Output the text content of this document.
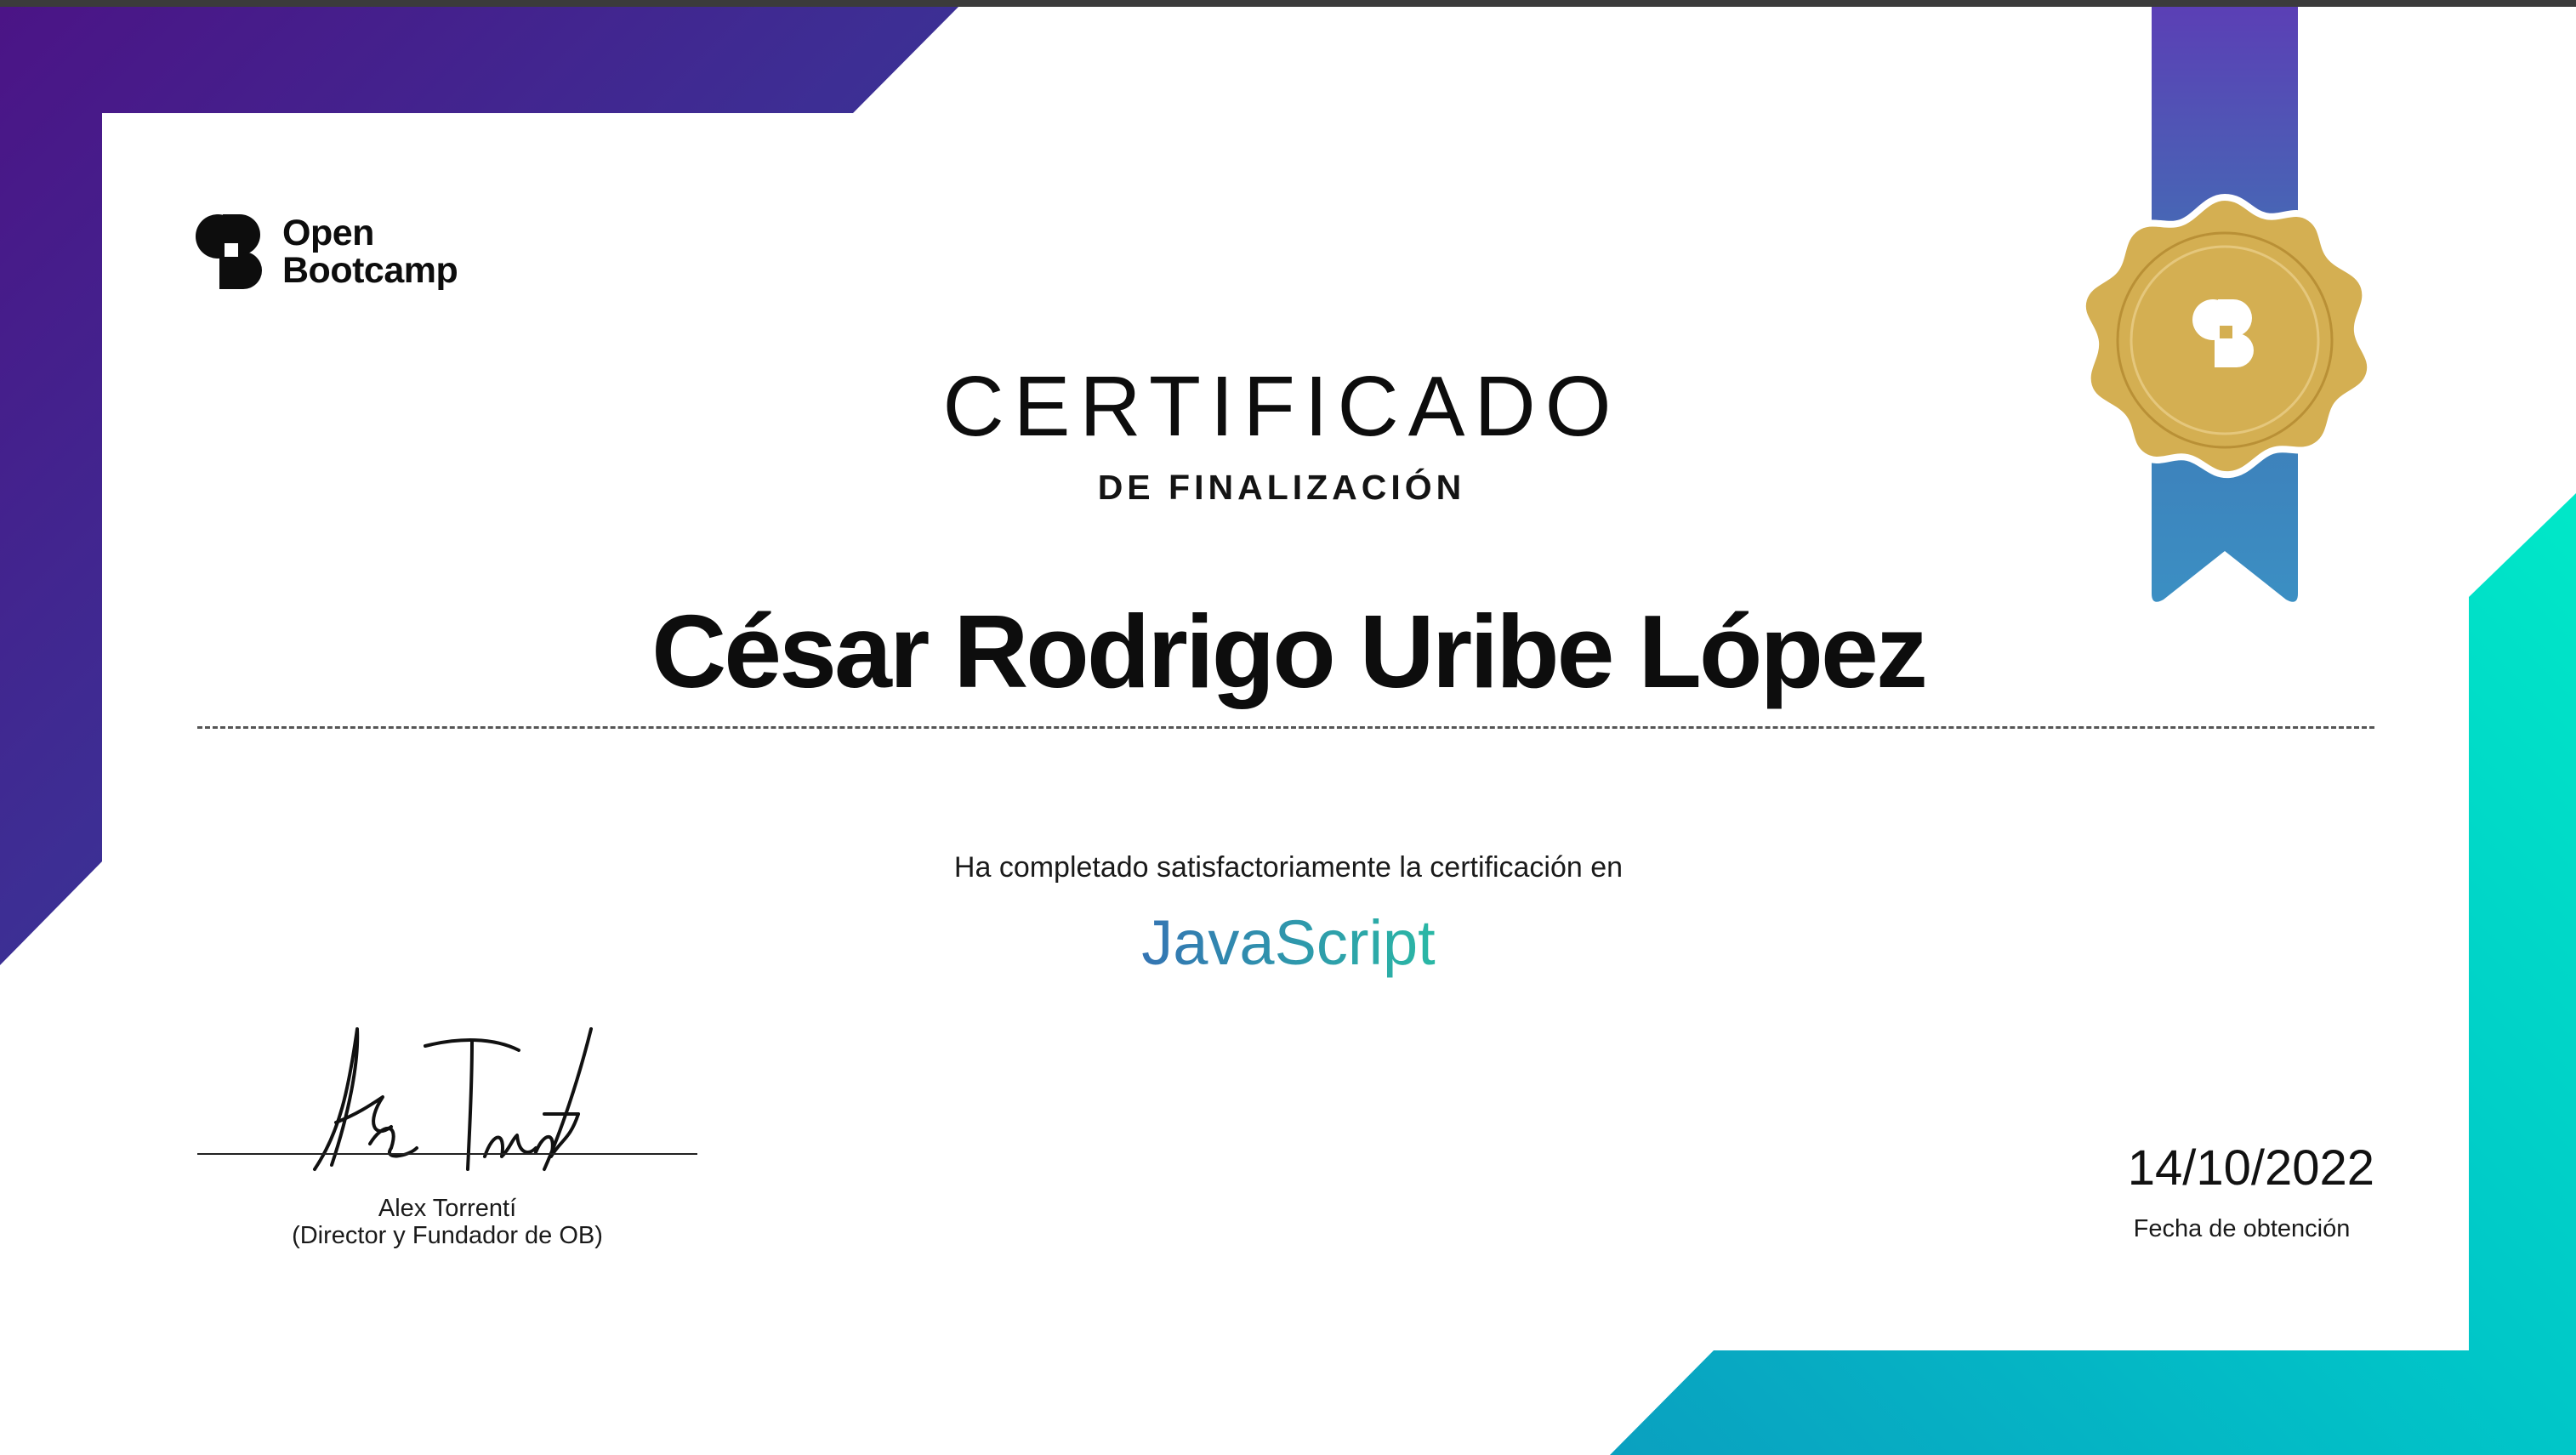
Open
Bootcamp
CERTIFICADO
DE FINALIZACIÓN
César Rodrigo Uribe López
Ha completado satisfactoriamente la certificación en
JavaScript
Alex Torrentí
(Director y Fundador de OB)
14/10/2022
Fecha de obtención
